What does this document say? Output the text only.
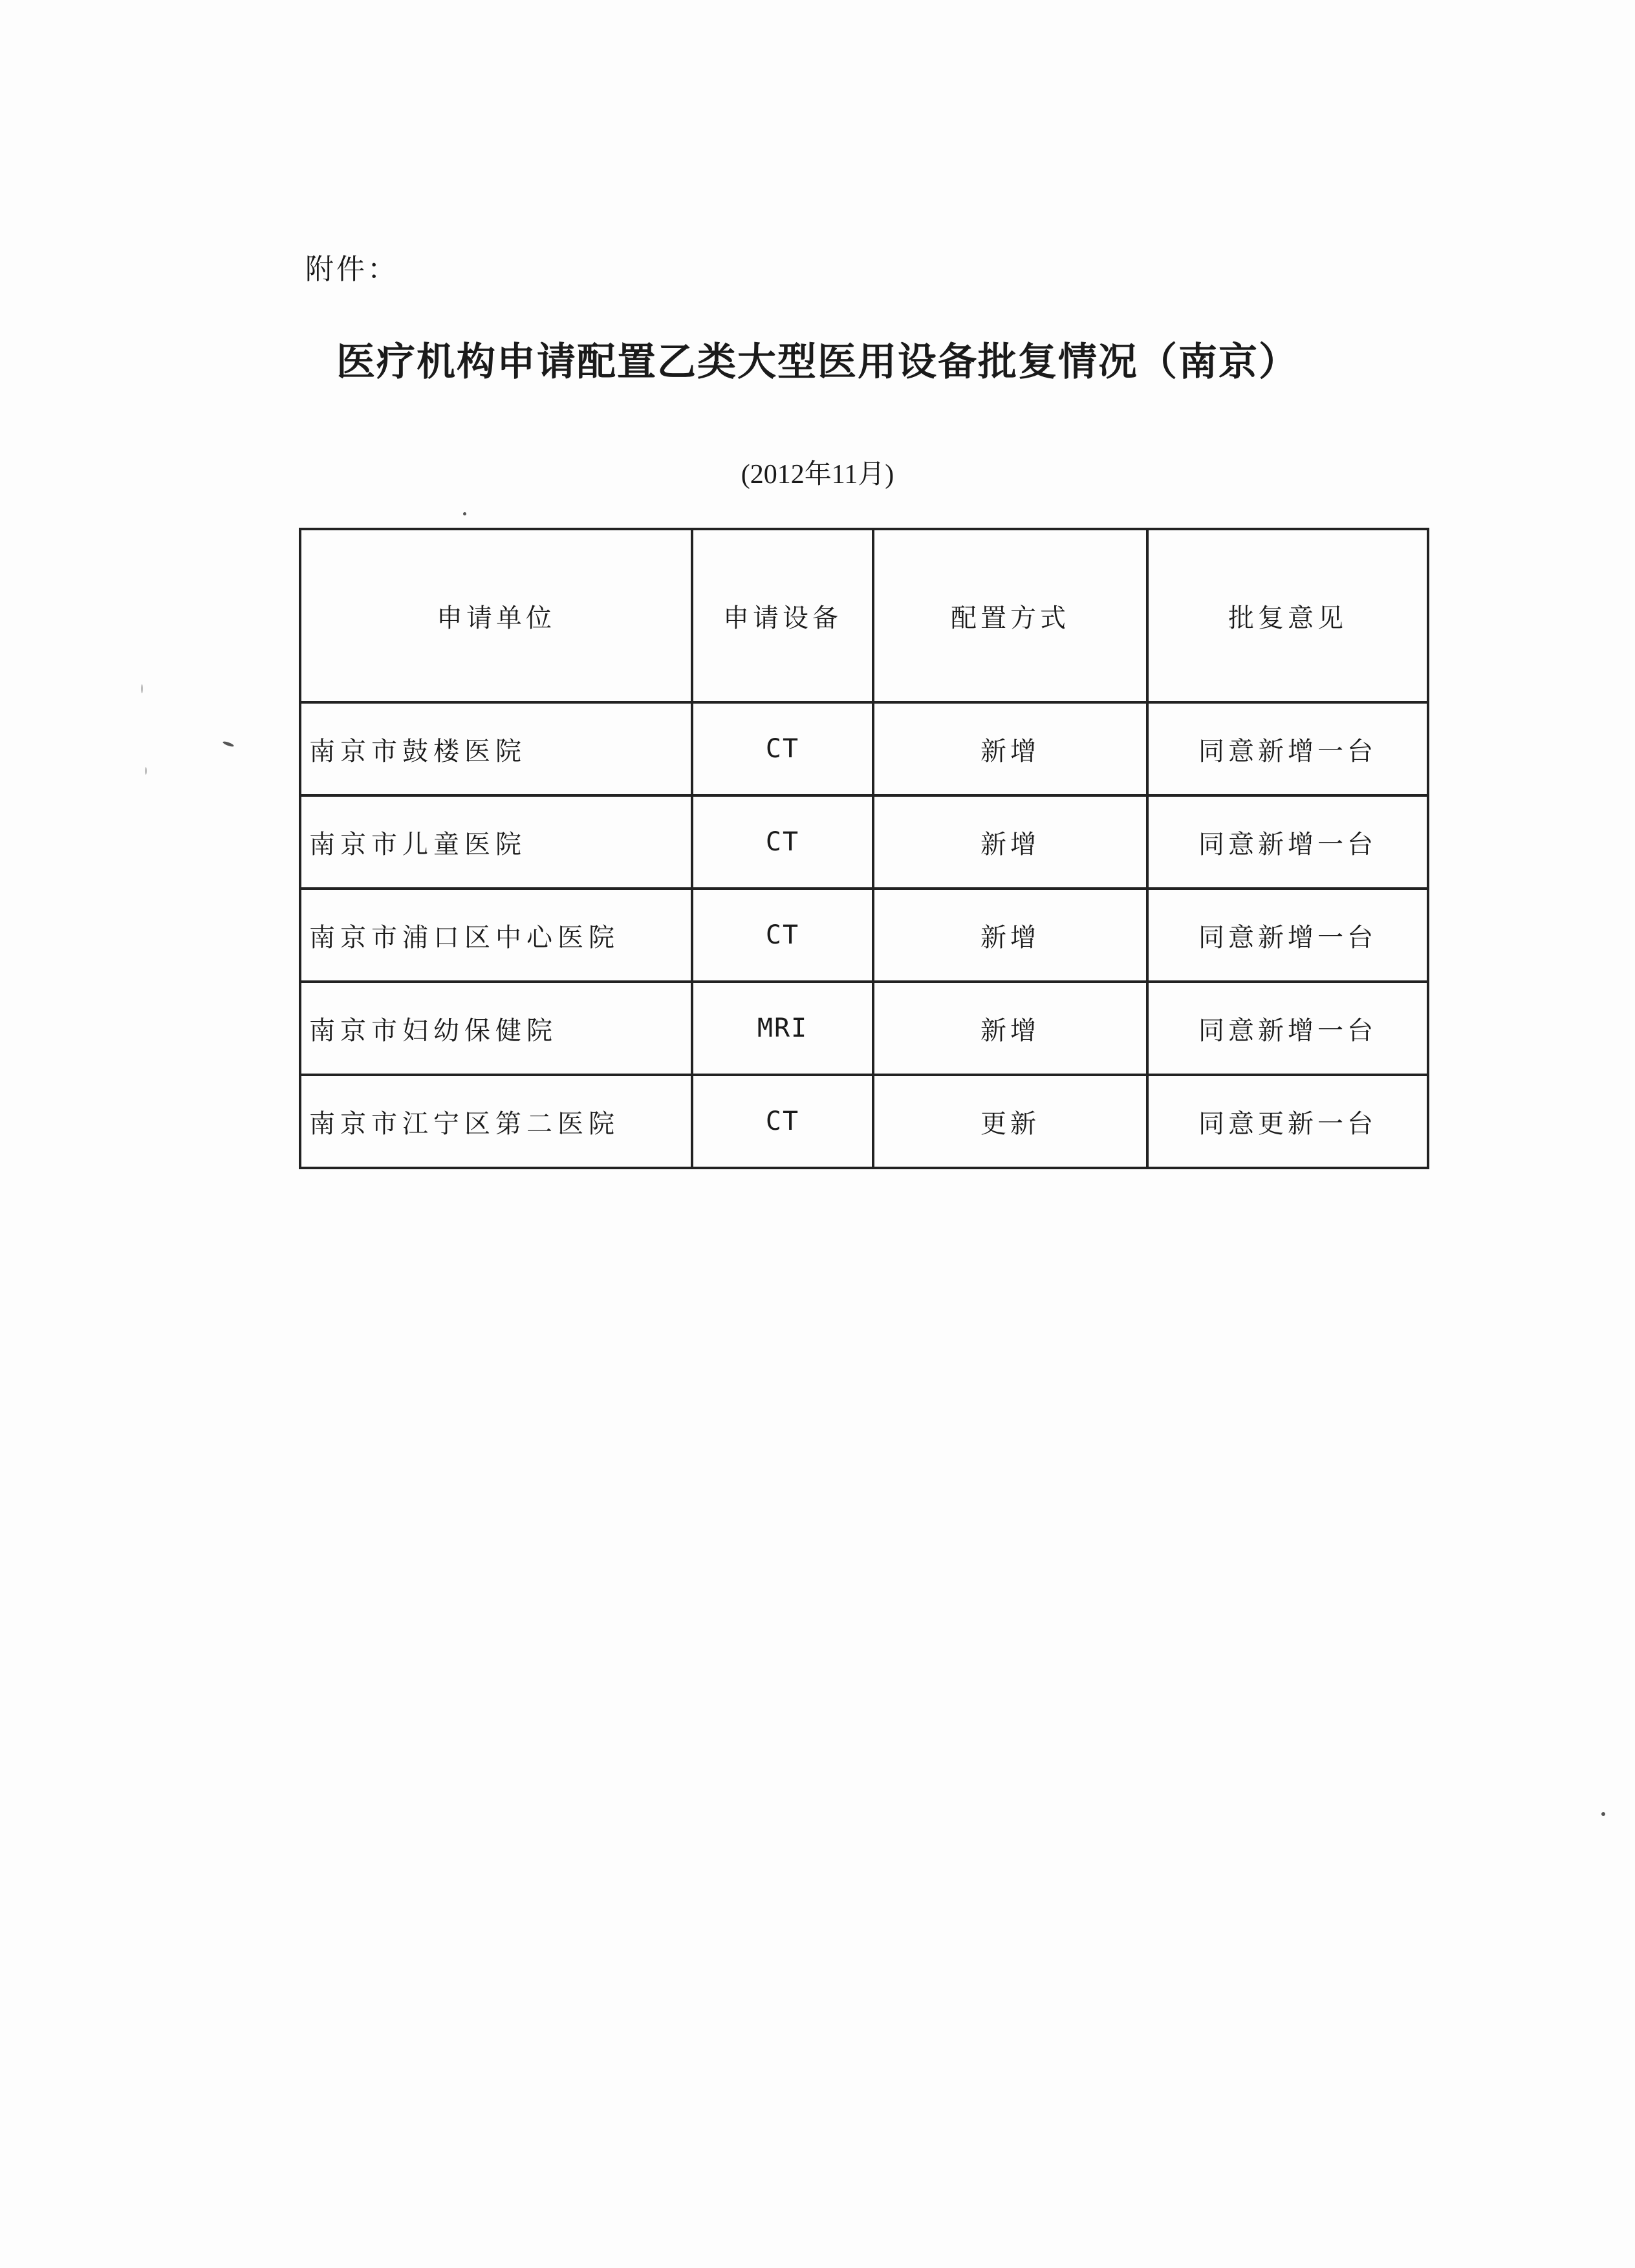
附件：
医疗机构申请配置乙类大型医用设备批复情况（南京）
(2012年11月)
申请单位	申请设备	配置方式	批复意见
南京市鼓楼医院	CT	新增	同意新增一台
南京市儿童医院	CT	新增	同意新增一台
南京市浦口区中心医院	CT	新增	同意新增一台
南京市妇幼保健院	MRI	新增	同意新增一台
南京市江宁区第二医院	CT	更新	同意更新一台
